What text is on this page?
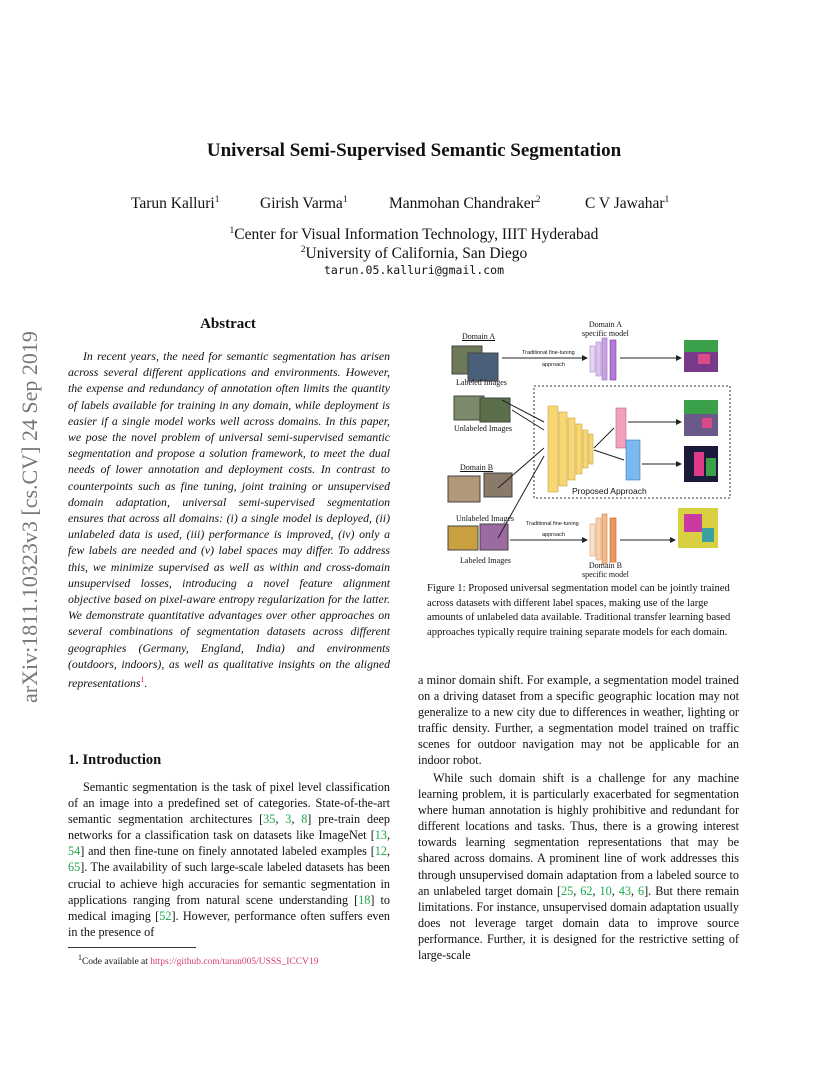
Universal Semi-Supervised Semantic Segmentation
Tarun Kalluri$^1$	Girish Varma$^1$	Manmohan Chandraker$^2$	C V Jawahar$^1$
$^1$Center for Visual Information Technology, IIIT Hyderabad
$^2$University of California, San Diego
tarun.05.kalluri@gmail.com
arXiv:1811.10323v3 [cs.CV] 24 Sep 2019
Abstract
In recent years, the need for semantic segmentation has arisen across several different applications and environments. However, the expense and redundancy of annotation often limits the quantity of labels available for training in any domain, while deployment is easier if a single model works well across domains. In this paper, we pose the novel problem of universal semi-supervised semantic segmentation and propose a solution framework, to meet the dual needs of lower annotation and deployment costs. In contrast to counterpoints such as fine tuning, joint training or unsupervised domain adaptation, universal semi-supervised segmentation ensures that across all domains: (i) a single model is deployed, (ii) unlabeled data is used, (iii) performance is improved, (iv) only a few labels are needed and (v) label spaces may differ. To address this, we minimize supervised as well as within and cross-domain unsupervised losses, introducing a novel feature alignment objective based on pixel-aware entropy regularization for the latter. We demonstrate quantitative advantages over other approaches on several combinations of segmentation datasets across different geographies (Germany, England, India) and environments (outdoors, indoors), as well as qualitative insights on the aligned representations$^1$.
1. Introduction
Semantic segmentation is the task of pixel level classification of an image into a predefined set of categories. State-of-the-art semantic segmentation architectures [35, 3, 8] pre-train deep networks for a classification task on datasets like ImageNet [13, 54] and then fine-tune on finely annotated labeled examples [12, 65]. The availability of such large-scale labeled datasets has been crucial to achieve high accuracies for semantic segmentation in applications ranging from natural scene understanding [18] to medical imaging [52]. However, performance often suffers even in the presence of
$^1$Code available at https://github.com/tarun005/USSS_ICCV19
Domain A
Labeled Images
Unlabeled Images
Domain B
Unlabeled Images
Labeled Images
Domain A
specific model
Domain B
specific model
Traditional fine-tuning
approach
Traditional fine-tuning
approach
Proposed Approach
Figure 1: Proposed universal segmentation model can be jointly trained across datasets with different label spaces, making use of the large amounts of unlabeled data available. Traditional transfer learning based approaches typically require training separate models for each domain.
a minor domain shift. For example, a segmentation model trained on a driving dataset from a specific geographic location may not generalize to a new city due to differences in weather, lighting or traffic density. Further, a segmentation model trained on traffic scenes for outdoor navigation may not be applicable for an indoor robot.
While such domain shift is a challenge for any machine learning problem, it is particularly exacerbated for segmentation where human annotation is highly prohibitive and redundant for different locations and tasks. Thus, there is a growing interest towards learning segmentation representations that may be shared across domains. A prominent line of work addresses this through unsupervised domain adaptation from a labeled source to an unlabeled target domain [25, 62, 10, 43, 6]. But there remain limitations. For instance, unsupervised domain adaptation usually does not leverage target domain data to improve source performance. Further, it is designed for the restrictive setting of large-scale
